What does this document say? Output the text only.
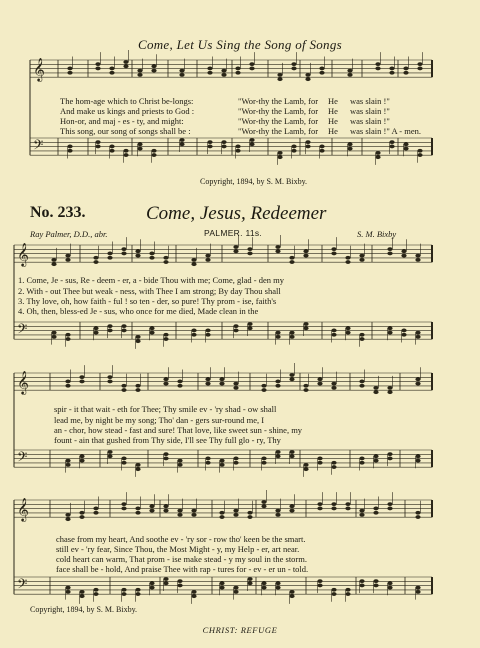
𝄞
𝄢
𝄞
𝄢
𝄞
𝄢
𝄞
𝄢
Come, Let Us Sing the Song of Songs
The hom-age which to Christ be-longs:	"Wor-thy the Lamb, for He was slain !"
And make us kings and priests to God :	"Wor-thy the Lamb, for He was slain !"
Hon-or, and maj - es - ty, and might:	"Wor-thy the Lamb, for He was slain !"
This song, our song of songs shall be :	"Wor-thy the Lamb, for He was slain !" A - men.
Copyright, 1894, by S. M. Bixby.
No. 233.	Come, Jesus, Redeemer
Ray Palmer, D.D., abr.	PALMER. 11s.	S. M. Bixby
1. Come, Je - sus, Re - deem - er, a - bide Thou with me; Come, glad - den my
2. With - out Thee but weak - ness, with Thee I am strong; By day Thou shall
3. Thy love, oh, how faith - ful ! so ten - der, so pure! Thy prom - ise, faith's
4. Oh, then, bless-ed Je - sus, who once for me died, Made clean in the
spir - it that wait - eth for Thee; Thy smile ev - 'ry shad - ow shall
lead me, by night be my song; Tho' dan - gers sur-round me, I
an - chor, how stead - fast and sure! That love, like sweet sun - shine, my
fount - ain that gushed from Thy side, I'll see Thy full glo - ry, Thy
chase from my heart, And soothe ev - 'ry sor - row tho' keen be the smart.
still ev - 'ry fear, Since Thou, the Most Might - y, my Help - er, art near.
cold heart can warm, That prom - ise make stead - y my soul in the storm.
face shall be - hold, And praise Thee with rap - tures for - ev - er un - told.
Copyright, 1894, by S. M. Bixby.
CHRIST: REFUGE
